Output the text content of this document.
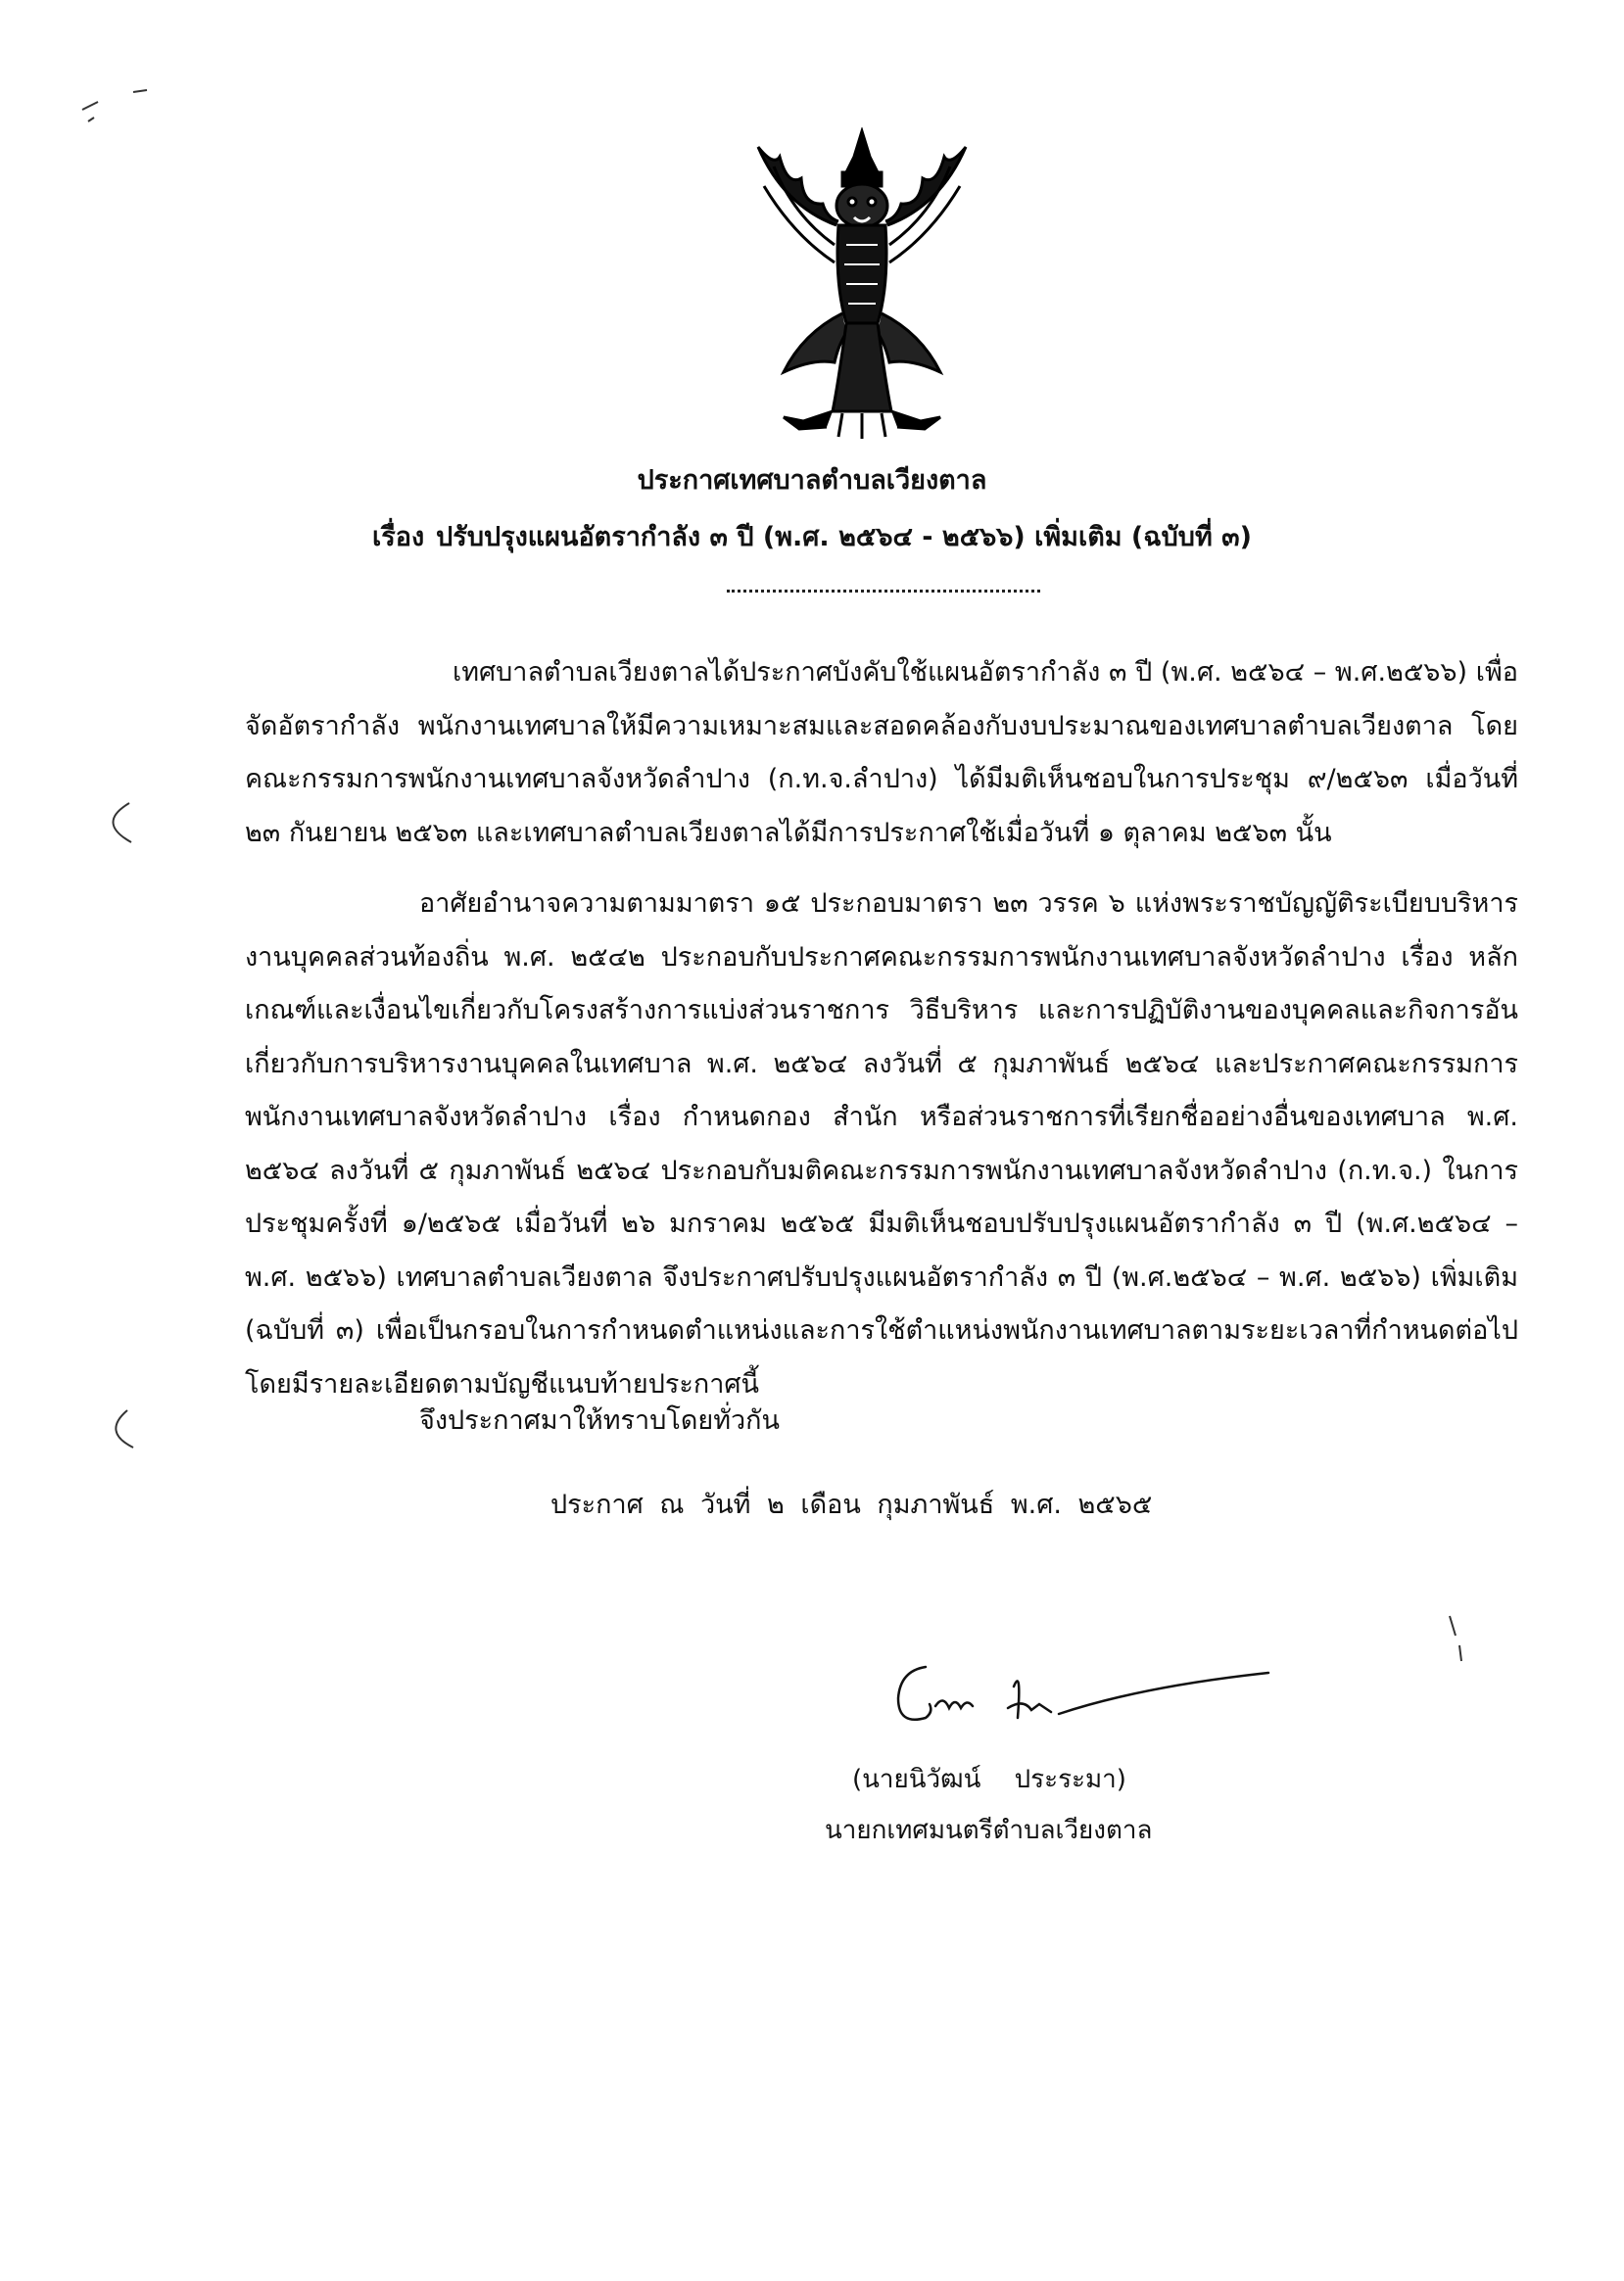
ประกาศเทศบาลตำบลเวียงตาล
เรื่อง ปรับปรุงแผนอัตรากำลัง ๓ ปี (พ.ศ. ๒๕๖๔ - ๒๕๖๖) เพิ่มเติม (ฉบับที่ ๓)
เทศบาลตำบลเวียงตาลได้ประกาศบังคับใช้แผนอัตรากำลัง ๓ ปี (พ.ศ. ๒๕๖๔ – พ.ศ.๒๕๖๖) เพื่อจัดอัตรากำลัง พนักงานเทศบาลให้มีความเหมาะสมและสอดคล้องกับงบประมาณของเทศบาลตำบลเวียงตาล โดยคณะกรรมการพนักงานเทศบาลจังหวัดลำปาง (ก.ท.จ.ลำปาง) ได้มีมติเห็นชอบในการประชุม ๙/๒๕๖๓ เมื่อวันที่ ๒๓ กันยายน ๒๕๖๓ และเทศบาลตำบลเวียงตาลได้มีการประกาศใช้เมื่อวันที่ ๑ ตุลาคม ๒๕๖๓ นั้น
อาศัยอำนาจความตามมาตรา ๑๕ ประกอบมาตรา ๒๓ วรรค ๖ แห่งพระราชบัญญัติระเบียบบริหารงานบุคคลส่วนท้องถิ่น พ.ศ. ๒๕๔๒ ประกอบกับประกาศคณะกรรมการพนักงานเทศบาลจังหวัดลำปาง เรื่อง หลักเกณฑ์และเงื่อนไขเกี่ยวกับโครงสร้างการแบ่งส่วนราชการ วิธีบริหาร และการปฏิบัติงานของบุคคลและกิจการอันเกี่ยวกับการบริหารงานบุคคลในเทศบาล พ.ศ. ๒๕๖๔ ลงวันที่ ๕ กุมภาพันธ์ ๒๕๖๔ และประกาศคณะกรรมการพนักงานเทศบาลจังหวัดลำปาง เรื่อง กำหนดกอง สำนัก หรือส่วนราชการที่เรียกชื่ออย่างอื่นของเทศบาล พ.ศ. ๒๕๖๔ ลงวันที่ ๕ กุมภาพันธ์ ๒๕๖๔ ประกอบกับมติคณะกรรมการพนักงานเทศบาลจังหวัดลำปาง (ก.ท.จ.) ในการประชุมครั้งที่ ๑/๒๕๖๕ เมื่อวันที่ ๒๖ มกราคม ๒๕๖๕ มีมติเห็นชอบปรับปรุงแผนอัตรากำลัง ๓ ปี (พ.ศ.๒๕๖๔ – พ.ศ. ๒๕๖๖) เทศบาลตำบลเวียงตาล จึงประกาศปรับปรุงแผนอัตรากำลัง ๓ ปี (พ.ศ.๒๕๖๔ – พ.ศ. ๒๕๖๖) เพิ่มเติม (ฉบับที่ ๓) เพื่อเป็นกรอบในการกำหนดตำแหน่งและการใช้ตำแหน่งพนักงานเทศบาลตามระยะเวลาที่กำหนดต่อไป โดยมีรายละเอียดตามบัญชีแนบท้ายประกาศนี้
จึงประกาศมาให้ทราบโดยทั่วกัน
ประกาศ ณ วันที่ ๒ เดือน กุมภาพันธ์ พ.ศ. ๒๕๖๕
(นายนิวัฒน์ ประระมา)
นายกเทศมนตรีตำบลเวียงตาล
